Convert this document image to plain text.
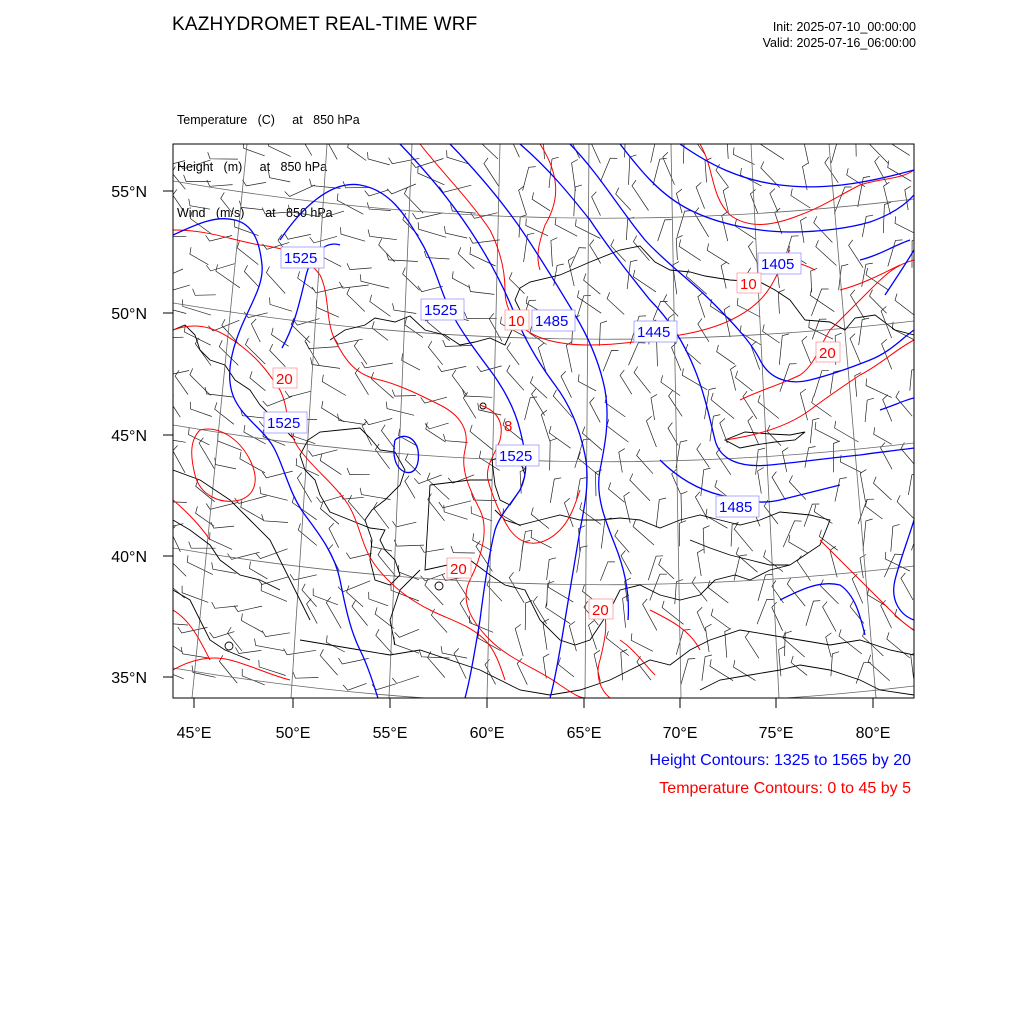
KAZHYDROMET REAL-TIME WRF	Init: 2025-07-10_00:00:00
Valid: 2025-07-16_06:00:00

Temperature   (C)     at   850 hPa

Height   (m)     at   850 hPa

Wind   (m/s)      at   850 hPa

1525
1525
1525
1525
1485
1445
1405
1485
20
10
10
20
20
20
8
55°N
50°N
45°N
40°N
35°N
45°E	50°E	55°E	60°E	65°E	70°E	75°E	80°E
Height Contours: 1325 to 1565 by 20
Temperature Contours: 0 to 45 by 5
